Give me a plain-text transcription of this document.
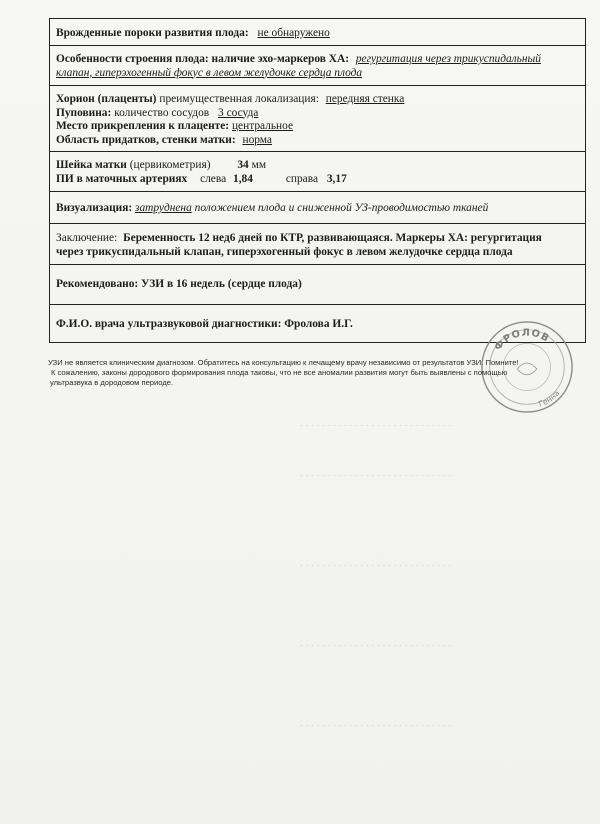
· · · · · · · · · · · · · · · · · · · · · · · · · · · ·
· · · · · · · · · · · · · · · · · · · · · · · · · · · ·
· · · · · · · · · · · · · · · · · · · · · · · · · · · ·
· · · · · · · · · · · · · · · · · · · · · · · · · · · ·
· · · · · · · · · · · · · · · · · · · · · · · · · · · ·
Врожденные пороки развития плода: не обнаружено
Особенности строения плода: наличие эхо-маркеров ХА: регургитация через трикуспидальный
клапан, гиперэхогенный фокус в левом желудочке сердца плода
Хорион (плаценты) преимущественная локализация: передняя стенка
Пуповина: количество сосудов 3 сосуда
Место прикрепления к плаценте: центральное
Область придатков, стенки матки: норма
Шейка матки (цервикометрия) 34 мм
ПИ в маточных артериях слева 1,84	справа 3,17
Визуализация: затруднена положением плода и сниженной УЗ-проводимостью тканей
Заключение: Беременность 12 нед6 дней по КТР, развивающаяся. Маркеры ХА: регургитация
через трикуспидальный клапан, гиперэхогенный фокус в левом желудочке сердца плода
Рекомендовано: УЗИ в 16 недель (сердце плода)
Ф.И.О. врача ультразвуковой диагностики: Фролова И.Г.
ФРОЛОВ
Генна
УЗИ не является клиническим диагнозом. Обратитесь на консультацию к лечащему врачу независимо от результатов УЗИ. Помните!
К сожалению, законы дородового формирования плода таковы, что не все аномалии развития могут быть выявлены с помощью
ультразвука в дородовом периоде.
